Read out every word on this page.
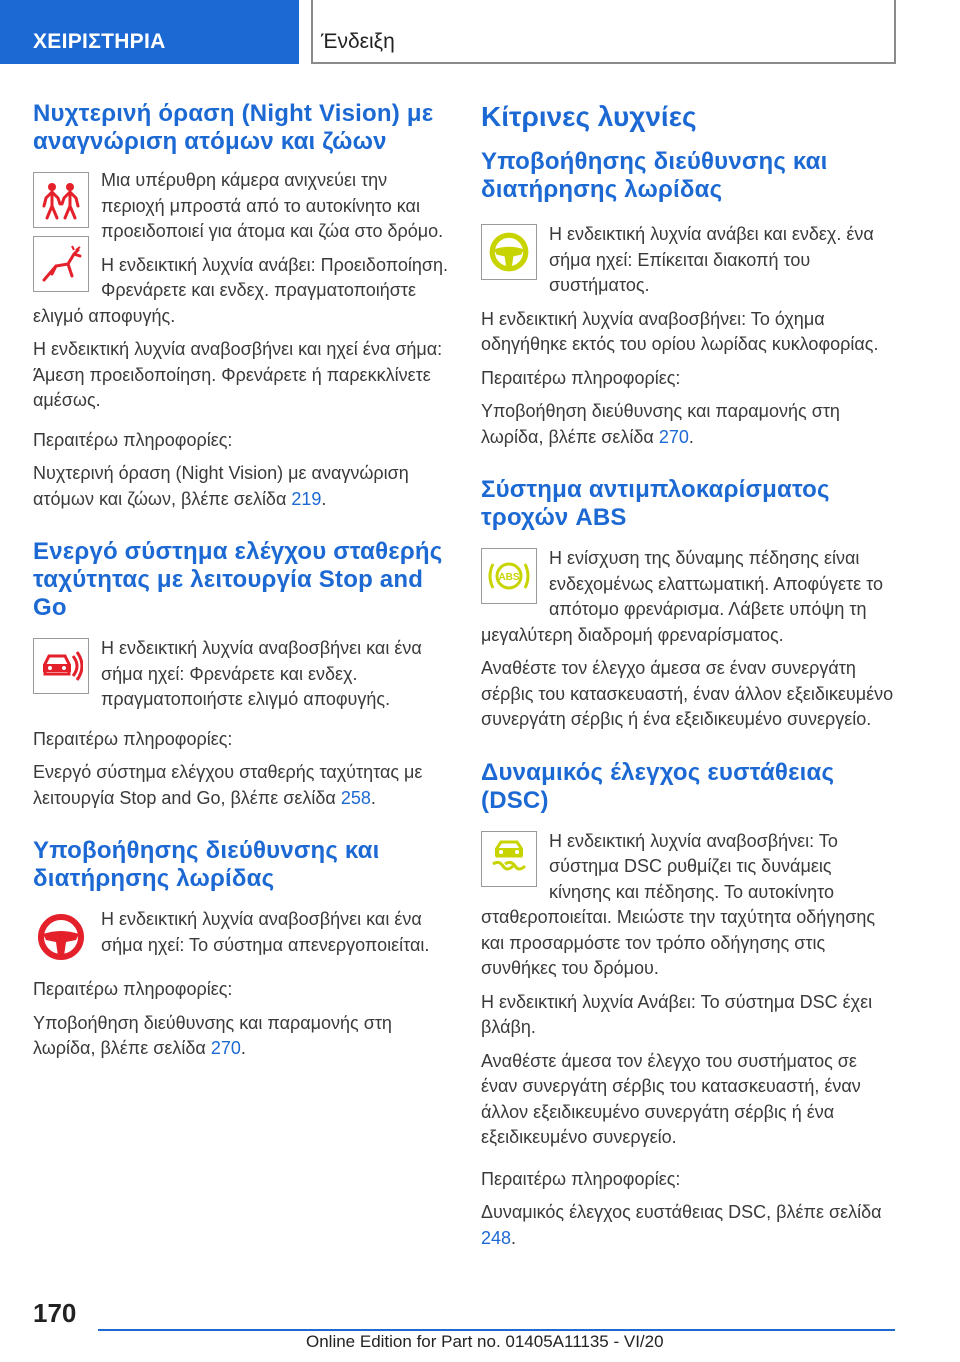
ΧΕΙΡΙΣΤΗΡΙΑ	Ένδειξη
Νυχτερινή όραση (Night Vision) με αναγνώριση ατόμων και ζώων

Μια υπέρυθρη κάμερα ανιχνεύει την περιοχή μπροστά από το αυτοκίνητο και προειδοποιεί για άτομα και ζώα στο δρόμο.

Η ενδεικτική λυχνία ανάβει: Προειδοποίηση. Φρενάρετε και ενδεχ. πραγματοποιήστε ελιγμό αποφυγής.

Η ενδεικτική λυχνία αναβοσβήνει και ηχεί ένα σήμα: Άμεση προειδοποίηση. Φρενάρετε ή παρεκκλίνετε αμέσως.

Περαιτέρω πληροφορίες:

Νυχτερινή όραση (Night Vision) με αναγνώριση ατόμων και ζώων, βλέπε σελίδα 219.

Ενεργό σύστημα ελέγχου σταθερής ταχύτητας με λειτουργία Stop and Go

Η ενδεικτική λυχνία αναβοσβήνει και ένα σήμα ηχεί: Φρενάρετε και ενδεχ. πραγματοποιήστε ελιγμό αποφυγής.

Περαιτέρω πληροφορίες:

Ενεργό σύστημα ελέγχου σταθερής ταχύτητας με λειτουργία Stop and Go, βλέπε σελίδα 258.

Υποβοήθησης διεύθυνσης και διατήρησης λωρίδας

Η ενδεικτική λυχνία αναβοσβήνει και ένα σήμα ηχεί: Το σύστημα απενεργοποιείται.

Περαιτέρω πληροφορίες:

Υποβοήθηση διεύθυνσης και παραμονής στη λωρίδα, βλέπε σελίδα 270.

Κίτρινες λυχνίες
Υποβοήθησης διεύθυνσης και διατήρησης λωρίδας

Η ενδεικτική λυχνία ανάβει και ενδεχ. ένα σήμα ηχεί: Επίκειται διακοπή του συστήματος.

Η ενδεικτική λυχνία αναβοσβήνει: Το όχημα οδηγήθηκε εκτός του ορίου λωρίδας κυκλοφορίας.

Περαιτέρω πληροφορίες:

Υποβοήθηση διεύθυνσης και παραμονής στη λωρίδα, βλέπε σελίδα 270.

Σύστημα αντιμπλοκαρίσματος τροχών ABS
ABS

Η ενίσχυση της δύναμης πέδησης είναι ενδεχομένως ελαττωματική. Αποφύγετε το απότομο φρενάρισμα. Λάβετε υπόψη τη μεγαλύτερη διαδρομή φρεναρίσματος.

Αναθέστε τον έλεγχο άμεσα σε έναν συνεργάτη σέρβις του κατασκευαστή, έναν άλλον εξειδικευμένο συνεργάτη σέρβις ή ένα εξειδικευμένο συνεργείο.

Δυναμικός έλεγχος ευστάθειας (DSC)

Η ενδεικτική λυχνία αναβοσβήνει: Το σύστημα DSC ρυθμίζει τις δυνάμεις κίνησης και πέδησης. Το αυτοκίνητο σταθεροποιείται. Μειώστε την ταχύτητα οδήγησης και προσαρμόστε τον τρόπο οδήγησης στις συνθήκες του δρόμου.

Η ενδεικτική λυχνία Ανάβει: Το σύστημα DSC έχει βλάβη.

Αναθέστε άμεσα τον έλεγχο του συστήματος σε έναν συνεργάτη σέρβις του κατασκευαστή, έναν άλλον εξειδικευμένο συνεργάτη σέρβις ή ένα εξειδικευμένο συνεργείο.

Περαιτέρω πληροφορίες:

Δυναμικός έλεγχος ευστάθειας DSC, βλέπε σελίδα 248.

170
Online Edition for Part no. 01405A11135 - VI/20
